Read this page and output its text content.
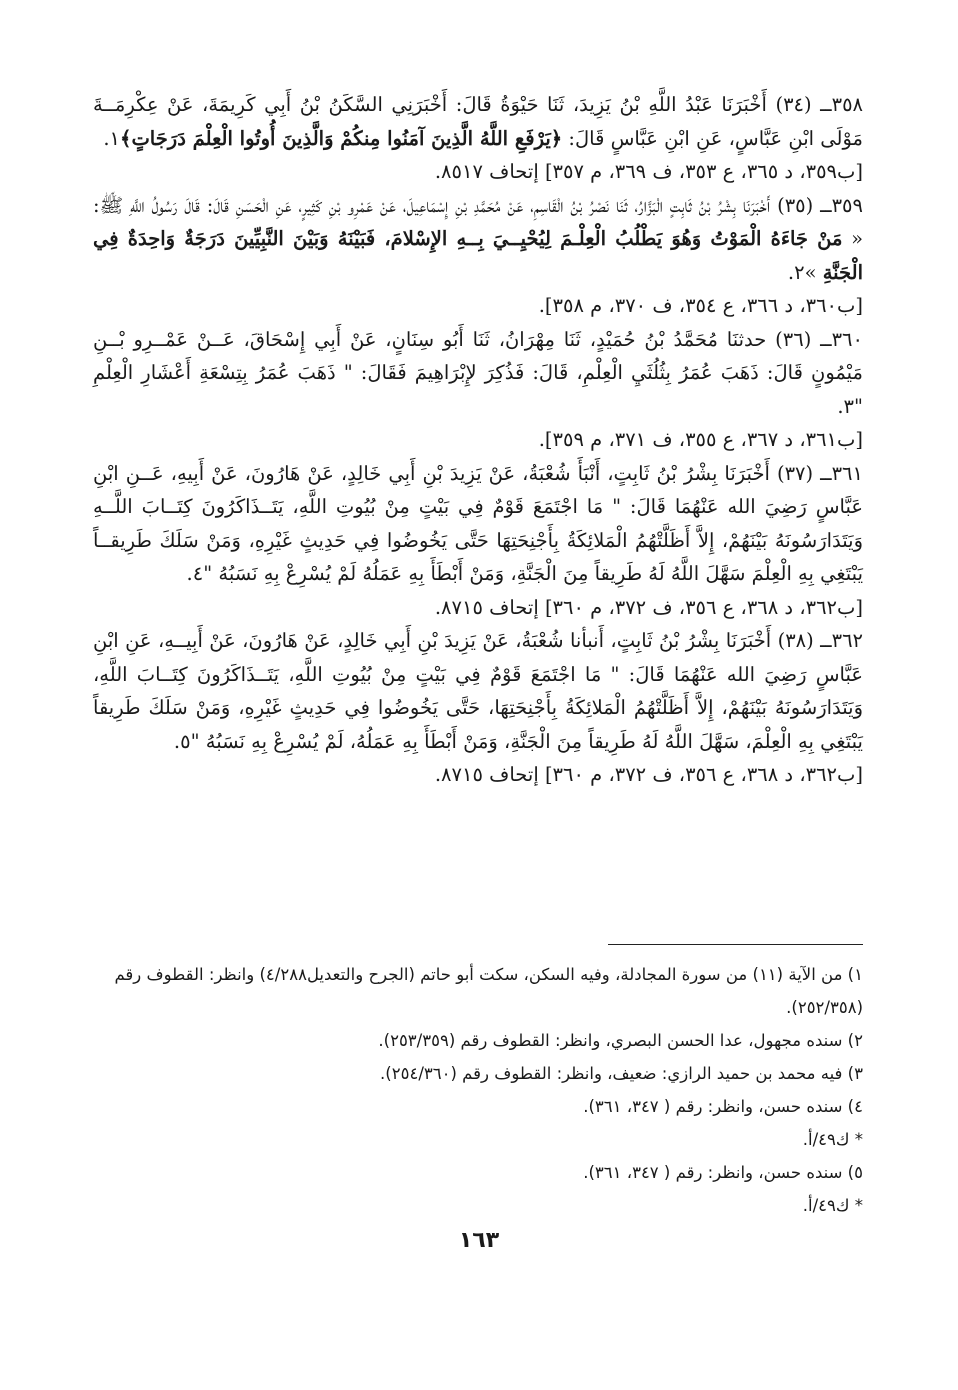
٣٥٨ــ (٣٤) أَخْبَرَنَا عَبْدُ اللَّهِ بْنُ يَزِيدَ، ثَنَا حَيْوَةُ قَالَ: أَخْبَرَنِي السَّكَنُ بْنُ أَبِي كَرِيمَةَ، عَنْ عِكْرِمَــةَ مَوْلَى ابْنِ عَبَّاسٍ، عَنِ ابْنِ عَبَّاسٍ قَالَ: ﴿يَرْفَعِ اللَّهُ الَّذِينَ آمَنُوا مِنكُمْ وَالَّذِينَ أُوتُوا الْعِلْمَ دَرَجَاتٍ﴾١.

[ب٣٥٩، د ٣٦٥، ع ٣٥٣، ف ٣٦٩، م ٣٥٧] إتحاف ٨٥١٧.

٣٥٩ــ (٣٥) أَخْبَرَنَا بِشْرُ بْنُ ثَابِتٍ الْبَزَّارُ، ثَنَا نَصْرُ بْنُ الْقَاسِمِ، عَنْ مُحَمَّدِ بْنِ إِسْمَاعِيلَ، عَنْ عَمْرِو بْنِ كَثِيرٍ، عَنِ الْحَسَنِ قَالَ: قَالَ رَسُولُ اللَّهِ ﷺ: « مَنْ جَاءَهُ الْمَوْتُ وَهُوَ يَطْلُبُ الْعِلْـمَ لِيُحْيِــيَ بِــهِ الإِسْلامَ، فَبَيْنَهُ وَبَيْنَ النَّبِيِّينَ دَرَجَةٌ وَاحِدَةٌ فِي الْجَنَّةِ »٢.

[ب٣٦٠، د ٣٦٦، ع ٣٥٤، ف ٣٧٠، م ٣٥٨].

٣٦٠ــ (٣٦) حدثنَا مُحَمَّدُ بْنُ حُمَيْدٍ، ثَنَا مِهْرَانُ، ثَنَا أَبُو سِنَانٍ، عَنْ أَبِي إِسْحَاقَ، عَــنْ عَمْــرِو بْــنِ مَيْمُونٍ قَالَ: ذَهَبَ عُمَرُ بِثُلُثَيِ الْعِلْمِ، قَالَ: فَذُكِرَ لإِبْرَاهِيمَ فَقَالَ: " ذَهَبَ عُمَرُ بِتِسْعَةِ أَعْشَارِ الْعِلْمِ "٣.

[ب٣٦١، د ٣٦٧، ع ٣٥٥، ف ٣٧١، م ٣٥٩].

٣٦١ــ (٣٧) أَخْبَرَنَا بِشْرُ بْنُ ثَابِتٍ، أَنْبَأَ شُعْبَةُ، عَنْ يَزِيدَ بْنِ أَبِي خَالِدٍ، عَنْ هَارُونَ، عَنْ أَبِيهِ، عَــنِ ابْنِ عَبَّاسٍ رَضِيَ الله عَنْهُمَا قَالَ: " مَا اجْتَمَعَ قَوْمٌ فِي بَيْتٍ مِنْ بُيُوتِ اللَّهِ، يَتَــذَاكَرُونَ كِتَــابَ اللَّــهِ وَيَتَدَارَسُونَهُ بَيْنَهُمْ، إِلاَّ أَظَلَّتْهُمُ الْمَلائِكَةُ بِأَجْنِحَتِهَا حَتَّى يَخُوضُوا فِي حَدِيثٍ غَيْرِهِ، وَمَنْ سَلَكَ طَرِيقــاً يَبْتَغِي بِهِ الْعِلْمَ سَهَّلَ اللَّهُ لَهُ طَرِيقاً مِنَ الْجَنَّةِ، وَمَنْ أَبْطَأَ بِهِ عَمَلُهُ لَمْ يُسْرِعْ بِهِ نَسَبُهُ "٤.

[ب٣٦٢، د ٣٦٨، ع ٣٥٦، ف ٣٧٢، م ٣٦٠] إتحاف ٨٧١٥.

٣٦٢ــ (٣٨) أَخْبَرَنَا بِشْرُ بْنُ ثَابِتٍ، أَنبأنا شُعْبَةُ، عَنْ يَزِيدَ بْنِ أَبِي خَالِدٍ، عَنْ هَارُونَ، عَنْ أَبِيــهِ، عَنِ ابْنِ عَبَّاسٍ رَضِيَ الله عَنْهُمَا قَالَ: " مَا اجْتَمَعَ قَوْمٌ فِي بَيْتٍ مِنْ بُيُوتِ اللَّهِ، يَتَــذَاكَرُونَ كِتَــابَ اللَّهِ، وَيَتَدَارَسُونَهُ بَيْنَهُمْ، إِلاَّ أَظَلَّتْهُمُ الْمَلائِكَةُ بِأَجْنِحَتِهَا، حَتَّى يَخُوضُوا فِي حَدِيثٍ غَيْرِهِ، وَمَنْ سَلَكَ طَرِيقاً يَبْتَغِي بِهِ الْعِلْمَ، سَهَّلَ اللَّهُ لَهُ طَرِيقاً مِنَ الْجَنَّةِ، وَمَنْ أَبْطَأَ بِهِ عَمَلُهُ، لَمْ يُسْرِعْ بِهِ نَسَبُهُ "٥.

[ب٣٦٢، د ٣٦٨، ع ٣٥٦، ف ٣٧٢، م ٣٦٠] إتحاف ٨٧١٥.

١) من الآية (١١) من سورة المجادلة، وفيه السكن، سكت أبو حاتم (الجرح والتعديل٤/٢٨٨) وانظر: القطوف رقم (٢٥٢/٣٥٨).

٢) سنده مجهول، عدا الحسن البصري، وانظر: القطوف رقم (٢٥٣/٣٥٩).

٣) فيه محمد بن حميد الرازي: ضعيف، وانظر: القطوف رقم (٢٥٤/٣٦٠).

٤) سنده حسن، وانظر: رقم ( ٣٤٧، ٣٦١).

* ك٤٩/أ.

٥) سنده حسن، وانظر: رقم ( ٣٤٧، ٣٦١).

* ك٤٩/أ.

١٦٣
